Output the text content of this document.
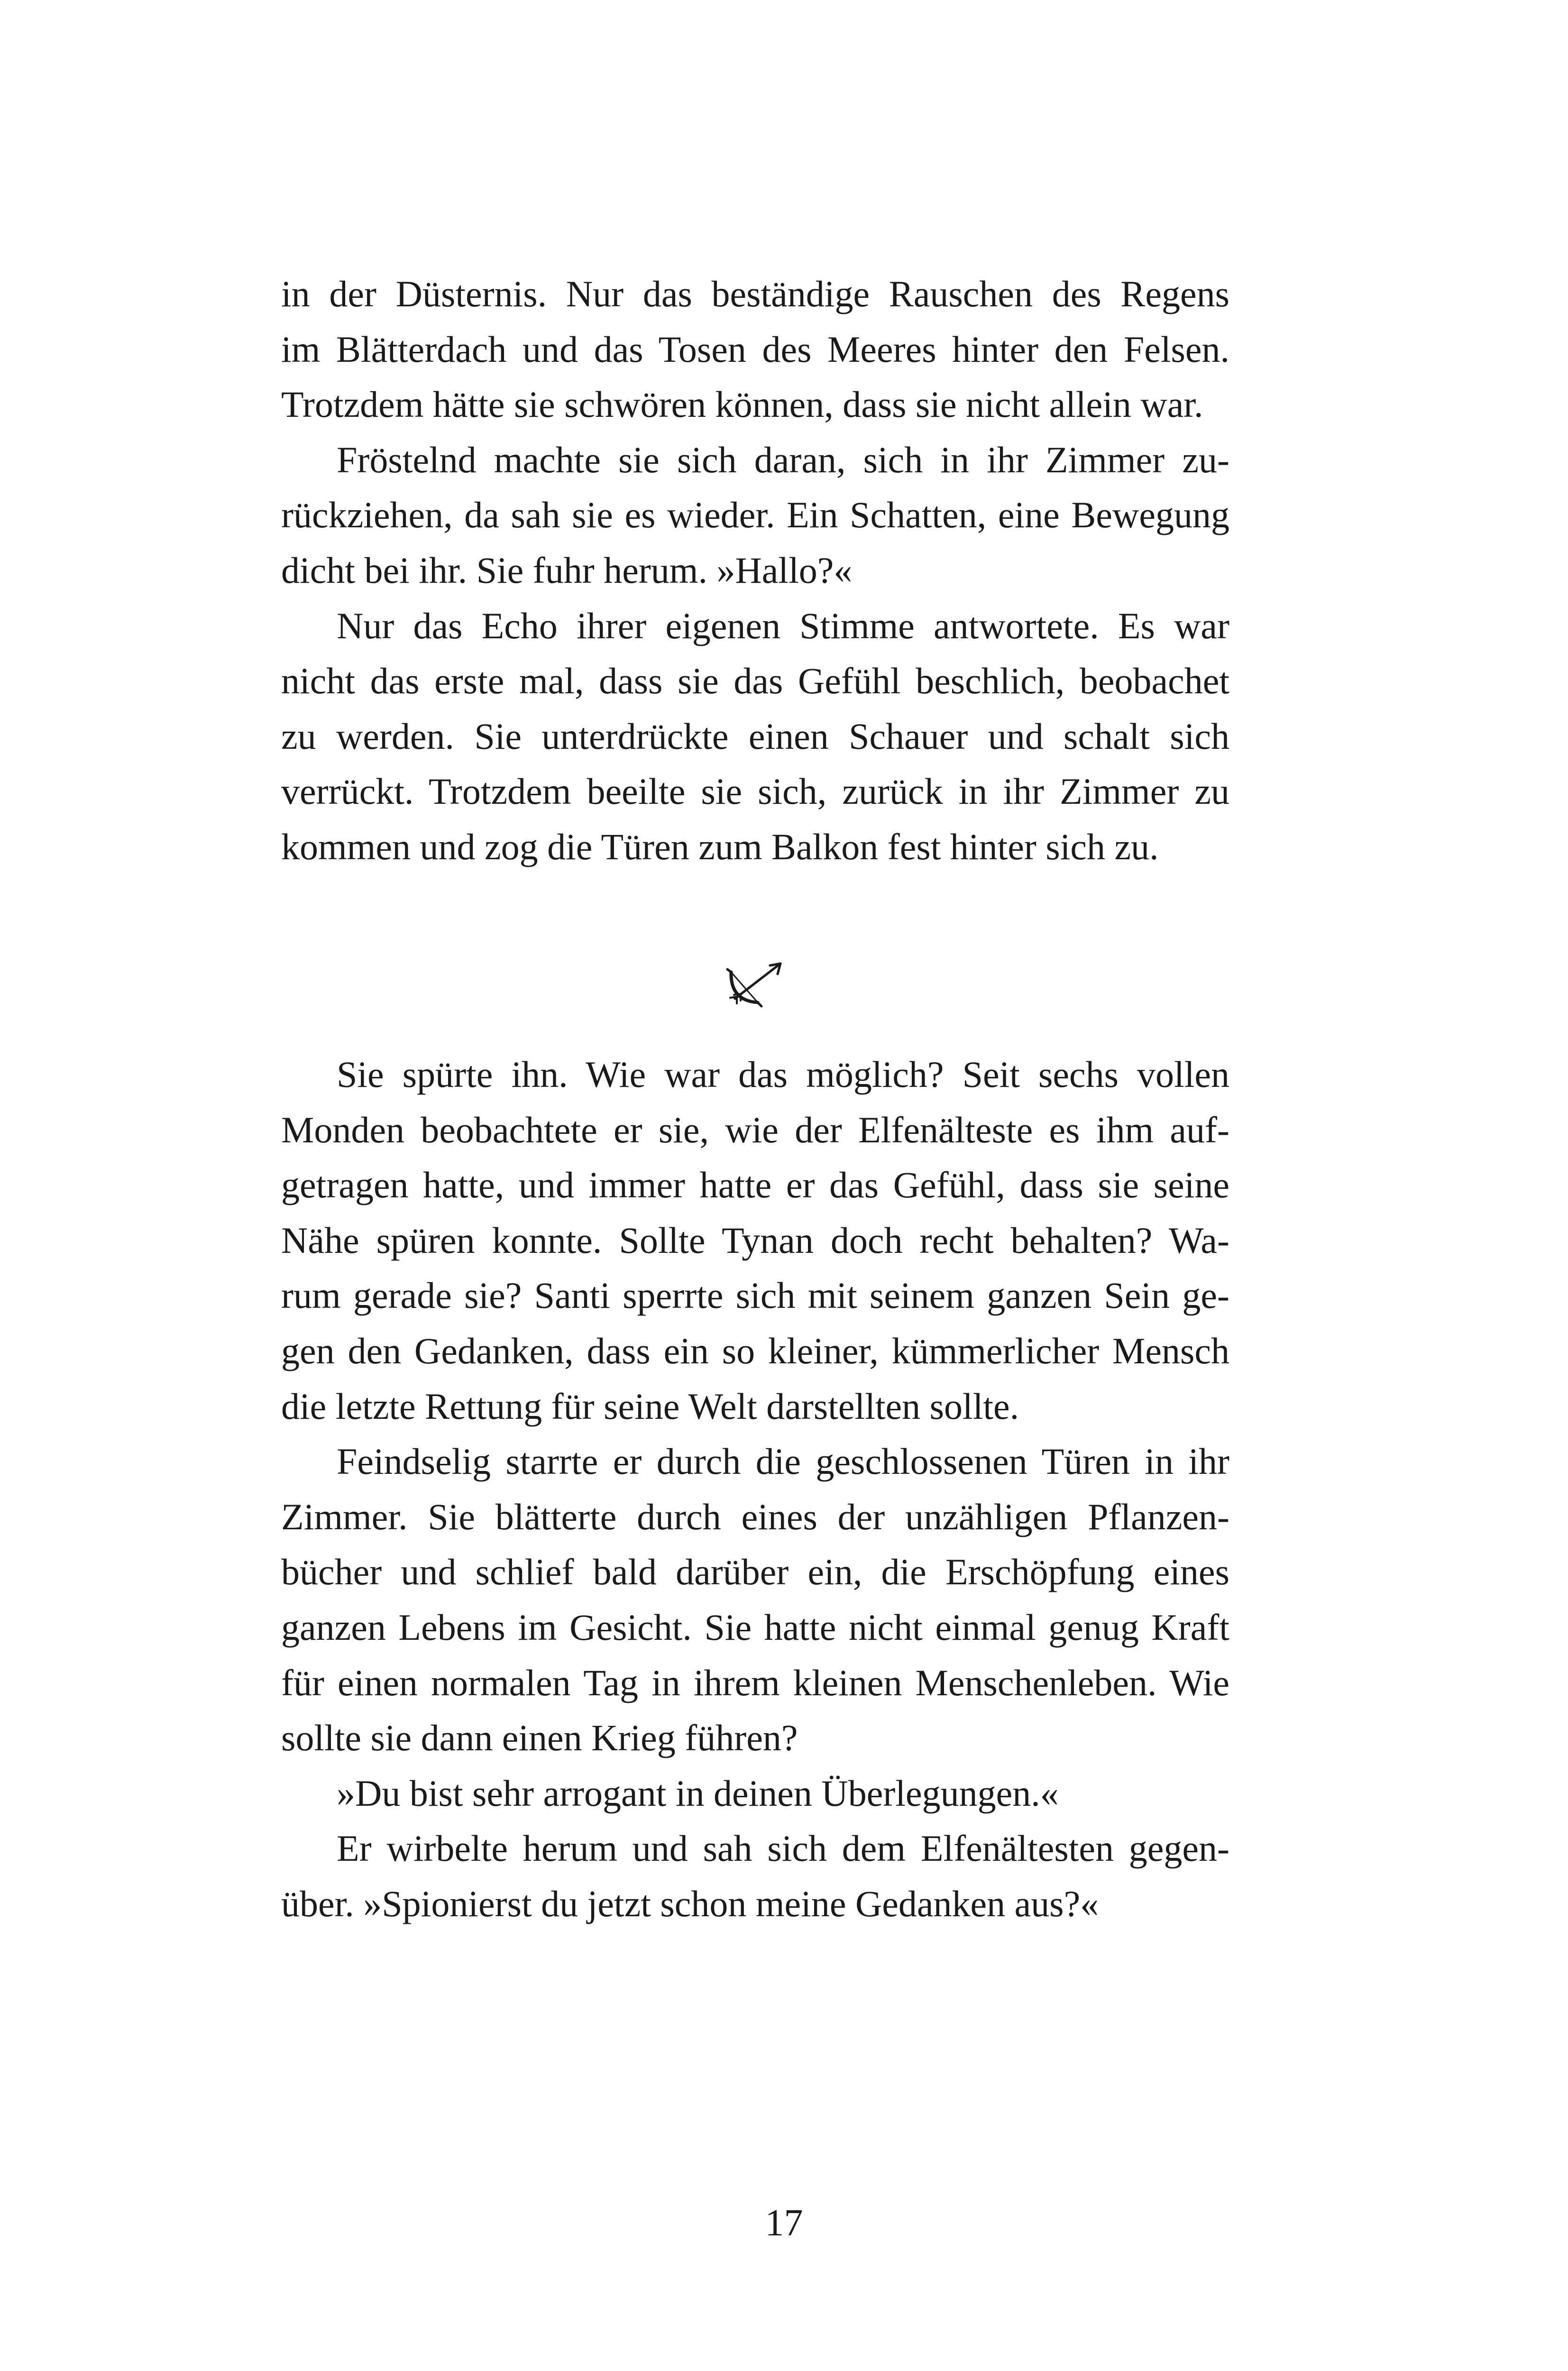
in der Düsternis. Nur das beständige Rauschen des Regens
im Blätterdach und das Tosen des Meeres hinter den Felsen.
Trotzdem hätte sie schwören können, dass sie nicht allein war.
Fröstelnd machte sie sich daran, sich in ihr Zimmer zu-
rückziehen, da sah sie es wieder. Ein Schatten, eine Bewegung
dicht bei ihr. Sie fuhr herum. »Hallo?«
Nur das Echo ihrer eigenen Stimme antwortete. Es war
nicht das erste mal, dass sie das Gefühl beschlich, beobachet
zu werden. Sie unterdrückte einen Schauer und schalt sich
verrückt. Trotzdem beeilte sie sich, zurück in ihr Zimmer zu
kommen und zog die Türen zum Balkon fest hinter sich zu.
Sie spürte ihn. Wie war das möglich? Seit sechs vollen
Monden beobachtete er sie, wie der Elfenälteste es ihm auf-
getragen hatte, und immer hatte er das Gefühl, dass sie seine
Nähe spüren konnte. Sollte Tynan doch recht behalten? Wa-
rum gerade sie? Santi sperrte sich mit seinem ganzen Sein ge-
gen den Gedanken, dass ein so kleiner, kümmerlicher Mensch
die letzte Rettung für seine Welt darstellten sollte.
Feindselig starrte er durch die geschlossenen Türen in ihr
Zimmer. Sie blätterte durch eines der unzähligen Pflanzen-
bücher und schlief bald darüber ein, die Erschöpfung eines
ganzen Lebens im Gesicht. Sie hatte nicht einmal genug Kraft
für einen normalen Tag in ihrem kleinen Menschenleben. Wie
sollte sie dann einen Krieg führen?
»Du bist sehr arrogant in deinen Überlegungen.«
Er wirbelte herum und sah sich dem Elfenältesten gegen-
über. »Spionierst du jetzt schon meine Gedanken aus?«
17
